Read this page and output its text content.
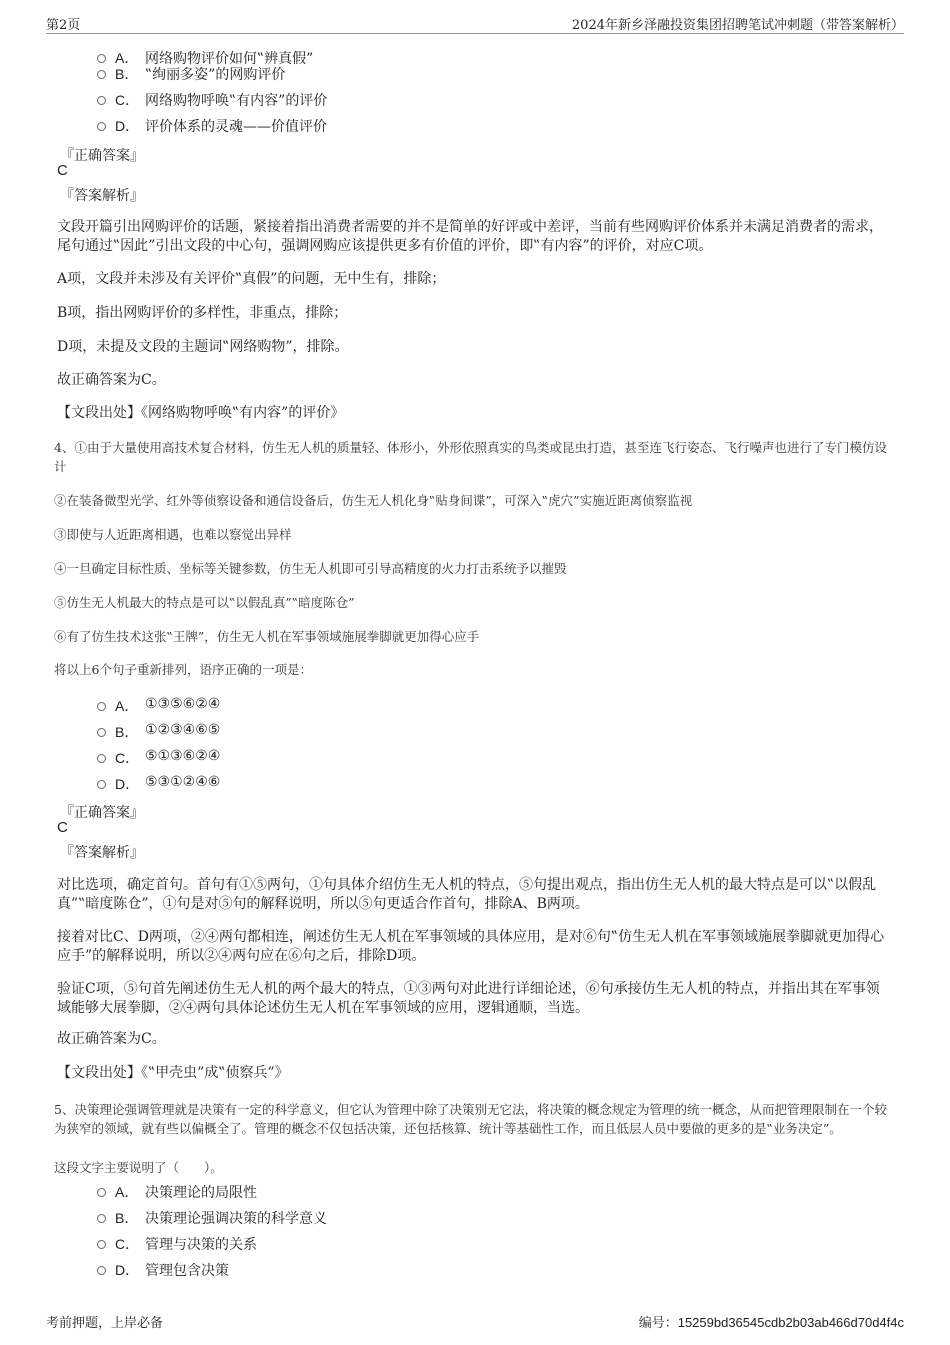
第2页	2024年新乡泽融投资集团招聘笔试冲刺题（带答案解析）
A． 网络购物评价如何‟辨真假”
B． ‟绚丽多姿”的网购评价
C． 网络购物呼唤‟有内容”的评价
D． 评价体系的灵魂——价值评价
『正确答案』
C
『答案解析』
文段开篇引出网购评价的话题，紧接着指出消费者需要的并不是简单的好评或中差评，当前有些网购评价体系并未满足消费者的需求，尾句通过‟因此”引出文段的中心句，强调网购应该提供更多有价值的评价，即‟有内容”的评价，对应C项。
A项，文段并未涉及有关评价‟真假”的问题，无中生有，排除；
B项，指出网购评价的多样性，非重点，排除；
D项，未提及文段的主题词‟网络购物”，排除。
故正确答案为C。
【文段出处】《网络购物呼唤‟有内容”的评价》
4、①由于大量使用高技术复合材料，仿生无人机的质量轻、体形小，外形依照真实的鸟类或昆虫打造，甚至连飞行姿态、飞行噪声也进行了专门模仿设计
②在装备微型光学、红外等侦察设备和通信设备后，仿生无人机化身‟贴身间谍”，可深入‟虎穴”实施近距离侦察监视
③即使与人近距离相遇，也难以察觉出异样
④一旦确定目标性质、坐标等关键参数，仿生无人机即可引导高精度的火力打击系统予以摧毁
⑤仿生无人机最大的特点是可以‟以假乱真”‟暗度陈仓”
⑥有了仿生技术这张‟王牌”，仿生无人机在军事领域施展拳脚就更加得心应手
将以上6个句子重新排列，语序正确的一项是：
A． ①③⑤⑥②④
B． ①②③④⑥⑤
C． ⑤①③⑥②④
D． ⑤③①②④⑥
『正确答案』
C
『答案解析』
对比选项，确定首句。首句有①⑤两句，①句具体介绍仿生无人机的特点，⑤句提出观点，指出仿生无人机的最大特点是可以‟以假乱真”‟暗度陈仓”，①句是对⑤句的解释说明，所以⑤句更适合作首句，排除A、B两项。
接着对比C、D两项，②④两句都相连，阐述仿生无人机在军事领域的具体应用，是对⑥句‟仿生无人机在军事领域施展拳脚就更加得心应手”的解释说明，所以②④两句应在⑥句之后，排除D项。
验证C项，⑤句首先阐述仿生无人机的两个最大的特点，①③两句对此进行详细论述，⑥句承接仿生无人机的特点，并指出其在军事领域能够大展拳脚，②④两句具体论述仿生无人机在军事领域的应用，逻辑通顺，当选。
故正确答案为C。
【文段出处】《‟甲壳虫”成‟侦察兵”》
5、决策理论强调管理就是决策有一定的科学意义，但它认为管理中除了决策别无它法，将决策的概念规定为管理的统一概念，从而把管理限制在一个较为狭窄的领域，就有些以偏概全了。管理的概念不仅包括决策，还包括核算、统计等基础性工作，而且低层人员中要做的更多的是‟业务决定”。
这段文字主要说明了（　　）。
A． 决策理论的局限性
B． 决策理论强调决策的科学意义
C． 管理与决策的关系
D． 管理包含决策
考前押题，上岸必备	编号：15259bd36545cdb2b03ab466d70d4f4c
